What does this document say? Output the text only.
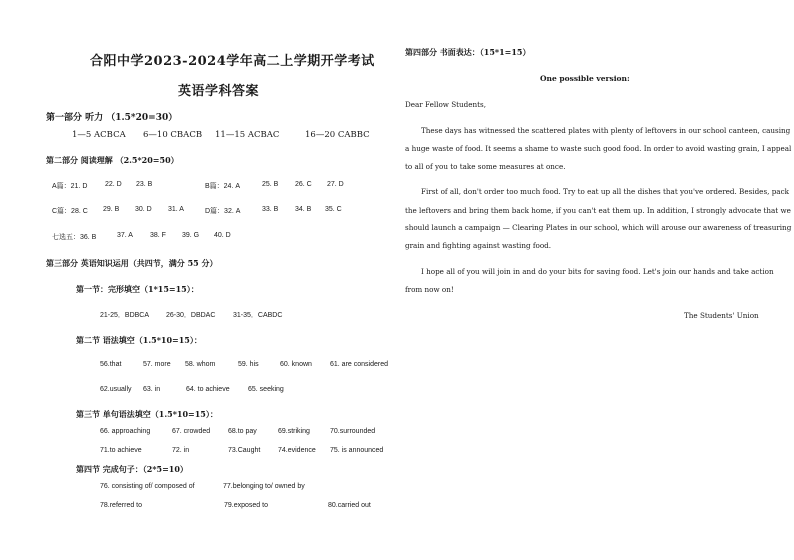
合阳中学2023-2024学年高二上学期开学考试
英语学科答案
第一部分 听力 （1.5*20=30）
1—5 ACBCA 6—10 CBACB 11—15 ACBAC	16—20 CABBC
第二部分 阅读理解 （2.5*20=50）
A篇：21. D	22. D 23. B	B篇：24. A	25. B 26. C 27. D
C篇：28. C 29. B 30. D 31. A	D篇：32. A	33. B 34. B 35. C
七选五：36. B	37. A 38. F 39. G 40. D
第三部分 英语知识运用（共四节，满分 55 分）
第一节：完形填空（1*15=15）：
21-25．BDBCA 26-30．DBDAC	31-35．CABDC
第二节 语法填空（1.5*10=15）：
56.that	57. more 58. whom	59. his	60. known	61. are considered
62.usually 63. in	64. to achieve	65. seeking
第三节 单句语法填空（1.5*10=15）：
66. approaching	67. crowded	68.to pay	69.striking	70.surrounded
71.to achieve	72. in	73.Caught	74.evidence 75. is announced
第四节 完成句子：（2*5=10）
76. consisting of/ composed of	77.belonging to/ owned by
78.referred to	79.exposed to	80.carried out
第四部分 书面表达：（15*1=15）
One possible version:
Dear Fellow Students,
These days has witnessed the scattered plates with plenty of leftovers in our school canteen, causing
a huge waste of food. It seems a shame to waste such good food. In order to avoid wasting grain, I appeal
to all of you to take some measures at once.
First of all, don't order too much food. Try to eat up all the dishes that you've ordered. Besides, pack
the leftovers and bring them back home, if you can't eat them up. In addition, I strongly advocate that we
should launch a campaign — Clearing Plates in our school, which will arouse our awareness of treasuring
grain and fighting against wasting food.
I hope all of you will join in and do your bits for saving food. Let's join our hands and take action
from now on!
The Students' Union
